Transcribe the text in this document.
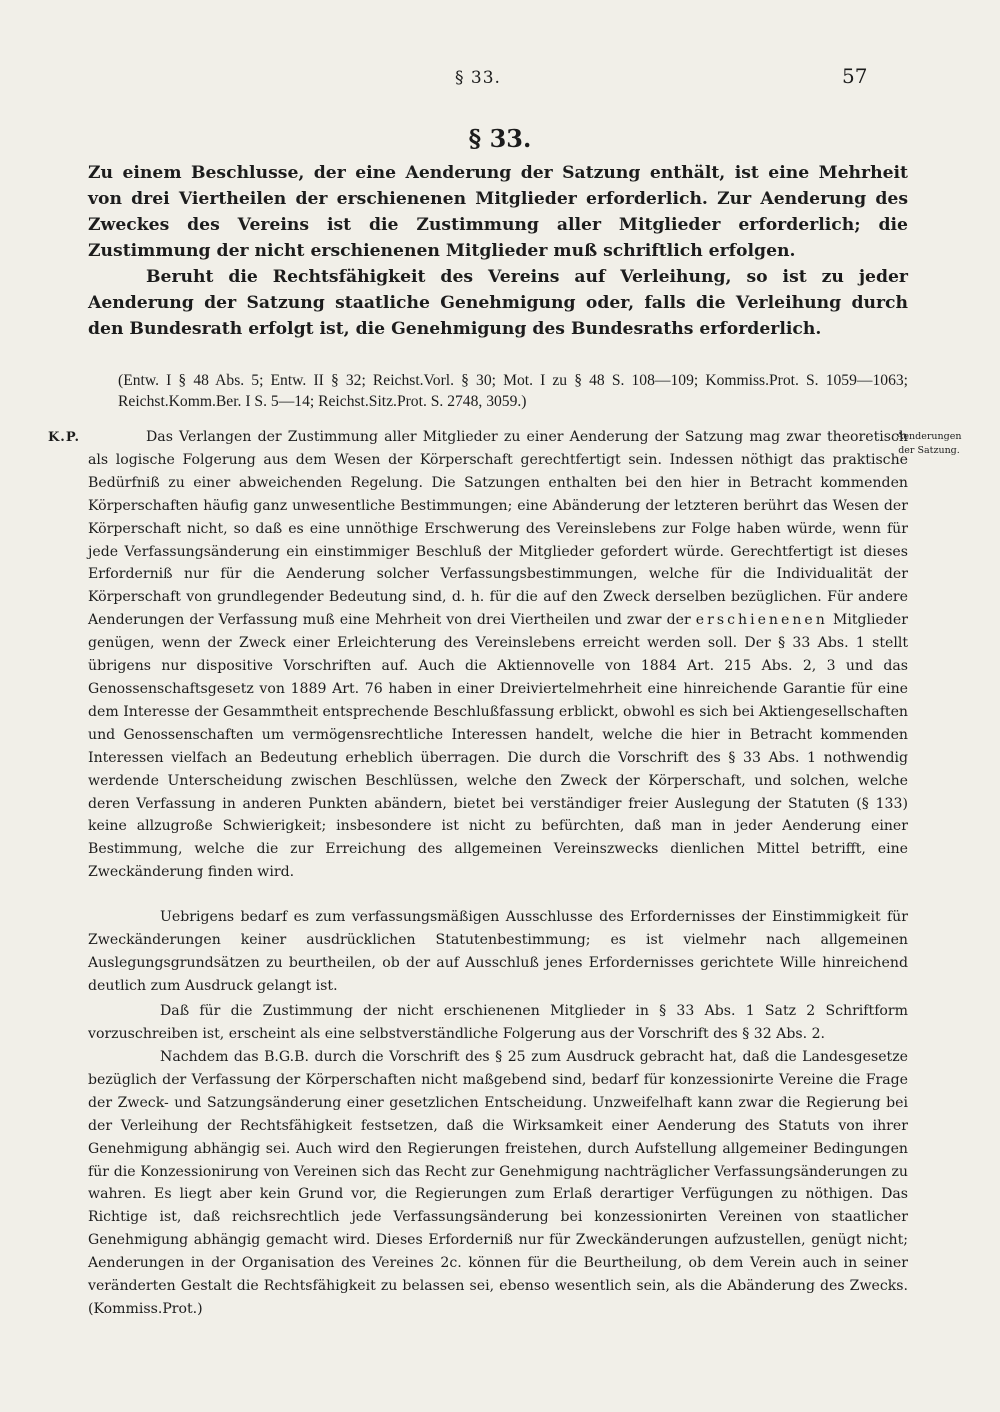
§ 33.	57
§ 33.

Zu einem Beschlusse, der eine Aenderung der Satzung enthält, ist eine Mehrheit von drei Viertheilen der erschienenen Mitglieder erforderlich. Zur Aenderung des Zweckes des Vereins ist die Zustimmung aller Mitglieder erforderlich; die Zustimmung der nicht erschienenen Mitglieder muß schriftlich erfolgen.

Beruht die Rechtsfähigkeit des Vereins auf Verleihung, so ist zu jeder Aenderung der Satzung staatliche Genehmigung oder, falls die Verleihung durch den Bundesrath erfolgt ist, die Genehmigung des Bundesraths erforderlich.

(Entw. I § 48 Abs. 5; Entw. II § 32; Reichst.Vorl. § 30; Mot. I zu § 48 S. 108—109; Kommiss.Prot. S. 1059—1063; Reichst.Komm.Ber. I S. 5—14; Reichst.Sitz.Prot. S. 2748, 3059.)
K.P.	Aenderungen der Satzung.

Das Verlangen der Zustimmung aller Mitglieder zu einer Aenderung der Satzung mag zwar theoretisch als logische Folgerung aus dem Wesen der Körperschaft gerechtfertigt sein. Indessen nöthigt das praktische Bedürfniß zu einer abweichenden Regelung. Die Satzungen enthalten bei den hier in Betracht kommenden Körperschaften häufig ganz unwesentliche Bestimmungen; eine Abänderung der letzteren berührt das Wesen der Körperschaft nicht, so daß es eine unnöthige Erschwerung des Vereinslebens zur Folge haben würde, wenn für jede Verfassungsänderung ein einstimmiger Beschluß der Mitglieder gefordert würde. Gerechtfertigt ist dieses Erforderniß nur für die Aenderung solcher Verfassungsbestimmungen, welche für die Individualität der Körperschaft von grundlegender Bedeutung sind, d. h. für die auf den Zweck derselben bezüglichen. Für andere Aenderungen der Verfassung muß eine Mehrheit von drei Viertheilen und zwar der erschienenen Mitglieder genügen, wenn der Zweck einer Erleichterung des Vereinslebens erreicht werden soll. Der § 33 Abs. 1 stellt übrigens nur dispositive Vorschriften auf. Auch die Aktiennovelle von 1884 Art. 215 Abs. 2, 3 und das Genossenschaftsgesetz von 1889 Art. 76 haben in einer Dreiviertelmehrheit eine hinreichende Garantie für eine dem Interesse der Gesammtheit entsprechende Beschlußfassung erblickt, obwohl es sich bei Aktiengesellschaften und Genossenschaften um vermögensrechtliche Interessen handelt, welche die hier in Betracht kommenden Interessen vielfach an Bedeutung erheblich überragen. Die durch die Vorschrift des § 33 Abs. 1 nothwendig werdende Unterscheidung zwischen Beschlüssen, welche den Zweck der Körperschaft, und solchen, welche deren Verfassung in anderen Punkten abändern, bietet bei verständiger freier Auslegung der Statuten (§ 133) keine allzugroße Schwierigkeit; insbesondere ist nicht zu befürchten, daß man in jeder Aenderung einer Bestimmung, welche die zur Erreichung des allgemeinen Vereinszwecks dienlichen Mittel betrifft, eine Zweckänderung finden wird.

Uebrigens bedarf es zum verfassungsmäßigen Ausschlusse des Erfordernisses der Einstimmigkeit für Zweckänderungen keiner ausdrücklichen Statutenbestimmung; es ist vielmehr nach allgemeinen Auslegungsgrundsätzen zu beurtheilen, ob der auf Ausschluß jenes Erfordernisses gerichtete Wille hinreichend deutlich zum Ausdruck gelangt ist.

Daß für die Zustimmung der nicht erschienenen Mitglieder in § 33 Abs. 1 Satz 2 Schriftform vorzuschreiben ist, erscheint als eine selbstverständliche Folgerung aus der Vorschrift des § 32 Abs. 2.

Nachdem das B.G.B. durch die Vorschrift des § 25 zum Ausdruck gebracht hat, daß die Landesgesetze bezüglich der Verfassung der Körperschaften nicht maßgebend sind, bedarf für konzessionirte Vereine die Frage der Zweck- und Satzungsänderung einer gesetzlichen Entscheidung. Unzweifelhaft kann zwar die Regierung bei der Verleihung der Rechtsfähigkeit festsetzen, daß die Wirksamkeit einer Aenderung des Statuts von ihrer Genehmigung abhängig sei. Auch wird den Regierungen freistehen, durch Aufstellung allgemeiner Bedingungen für die Konzessionirung von Vereinen sich das Recht zur Genehmigung nachträglicher Verfassungsänderungen zu wahren. Es liegt aber kein Grund vor, die Regierungen zum Erlaß derartiger Verfügungen zu nöthigen. Das Richtige ist, daß reichsrechtlich jede Verfassungsänderung bei konzessionirten Vereinen von staatlicher Genehmigung abhängig gemacht wird. Dieses Erforderniß nur für Zweckänderungen aufzustellen, genügt nicht; Aenderungen in der Organisation des Vereines 2c. können für die Beurtheilung, ob dem Verein auch in seiner veränderten Gestalt die Rechtsfähigkeit zu belassen sei, ebenso wesentlich sein, als die Abänderung des Zwecks. (Kommiss.Prot.)
